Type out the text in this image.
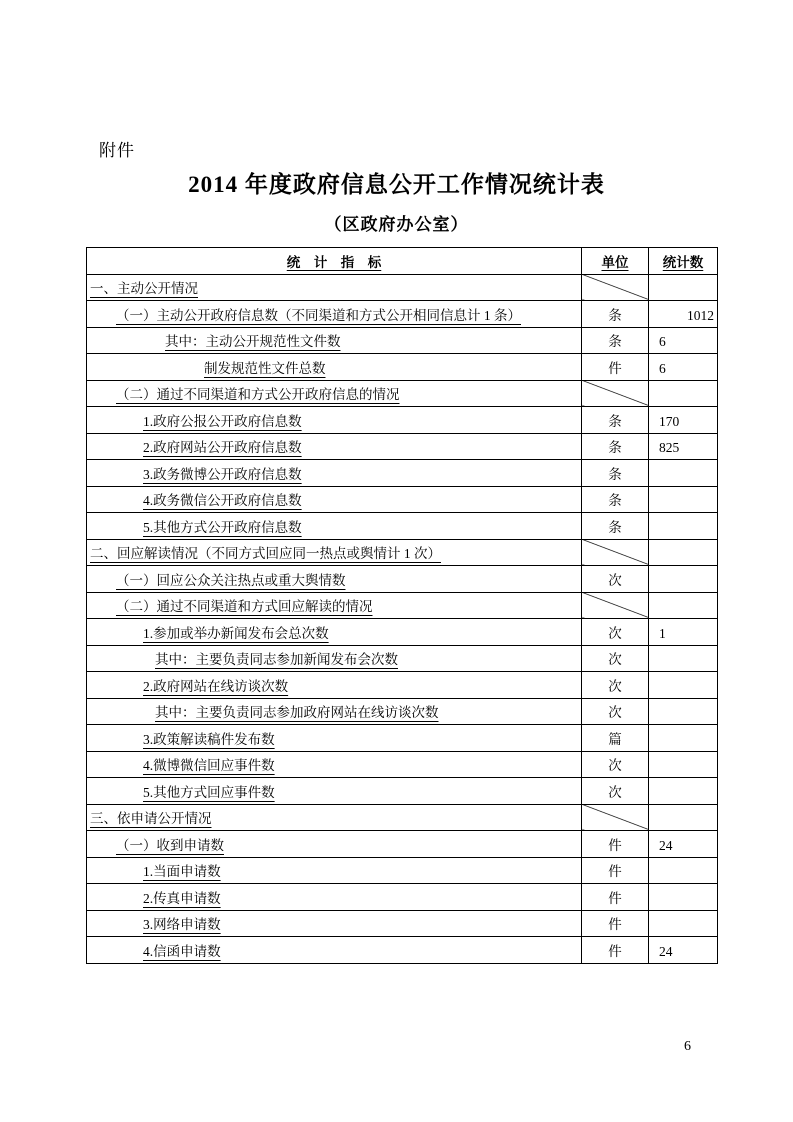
附件
2014 年度政府信息公开工作情况统计表
（区政府办公室）
统　计　指　标	单位	统计数
一、主动公开情况		
（一）主动公开政府信息数（不同渠道和方式公开相同信息计 1 条）	条	1012
其中：主动公开规范性文件数	条	6
制发规范性文件总数	件	6
（二）通过不同渠道和方式公开政府信息的情况		
1.政府公报公开政府信息数	条	170
2.政府网站公开政府信息数	条	825
3.政务微博公开政府信息数	条	
4.政务微信公开政府信息数	条	
5.其他方式公开政府信息数	条	
二、回应解读情况（不同方式回应同一热点或舆情计 1 次）		
（一）回应公众关注热点或重大舆情数	次	
（二）通过不同渠道和方式回应解读的情况		
1.参加或举办新闻发布会总次数	次	1
其中：主要负责同志参加新闻发布会次数	次	
2.政府网站在线访谈次数	次	
其中：主要负责同志参加政府网站在线访谈次数	次	
3.政策解读稿件发布数	篇	
4.微博微信回应事件数	次	
5.其他方式回应事件数	次	
三、依申请公开情况		
（一）收到申请数	件	24
1.当面申请数	件	
2.传真申请数	件	
3.网络申请数	件	
4.信函申请数	件	24
6
